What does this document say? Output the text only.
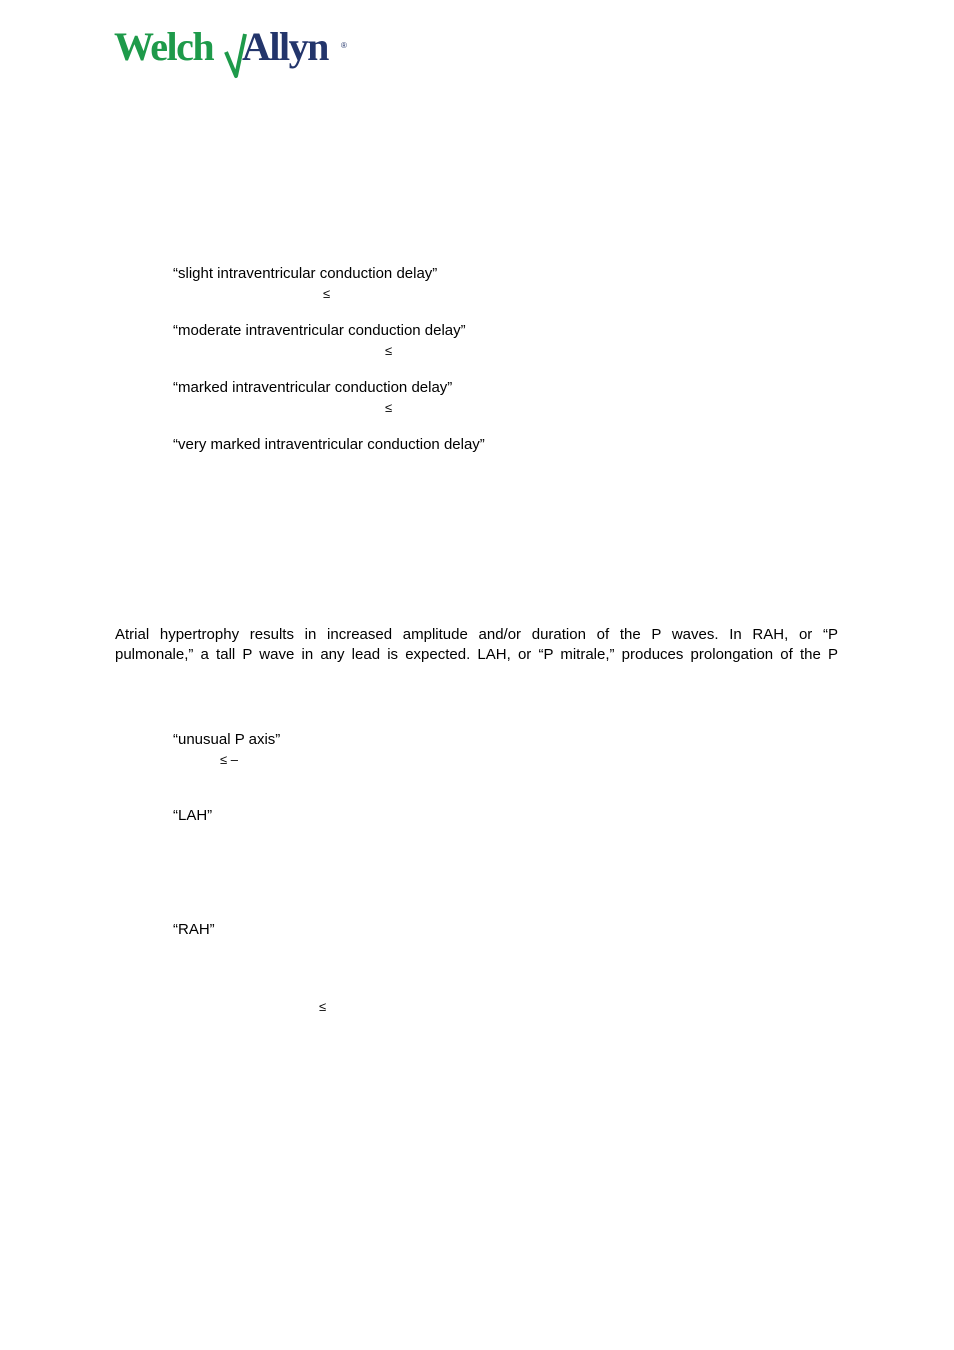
Welch Allyn ®
“slight intraventricular conduction delay”
≤
“moderate intraventricular conduction delay”
≤
“marked intraventricular conduction delay”
≤
“very marked intraventricular conduction delay”
Atrial hypertrophy results in increased amplitude and/or duration of the P waves. In RAH, or “P
pulmonale,” a tall P wave in any lead is expected. LAH, or “P mitrale,” produces prolongation of the P
“unusual P axis”
≤ –
“LAH”
“RAH”
≤
